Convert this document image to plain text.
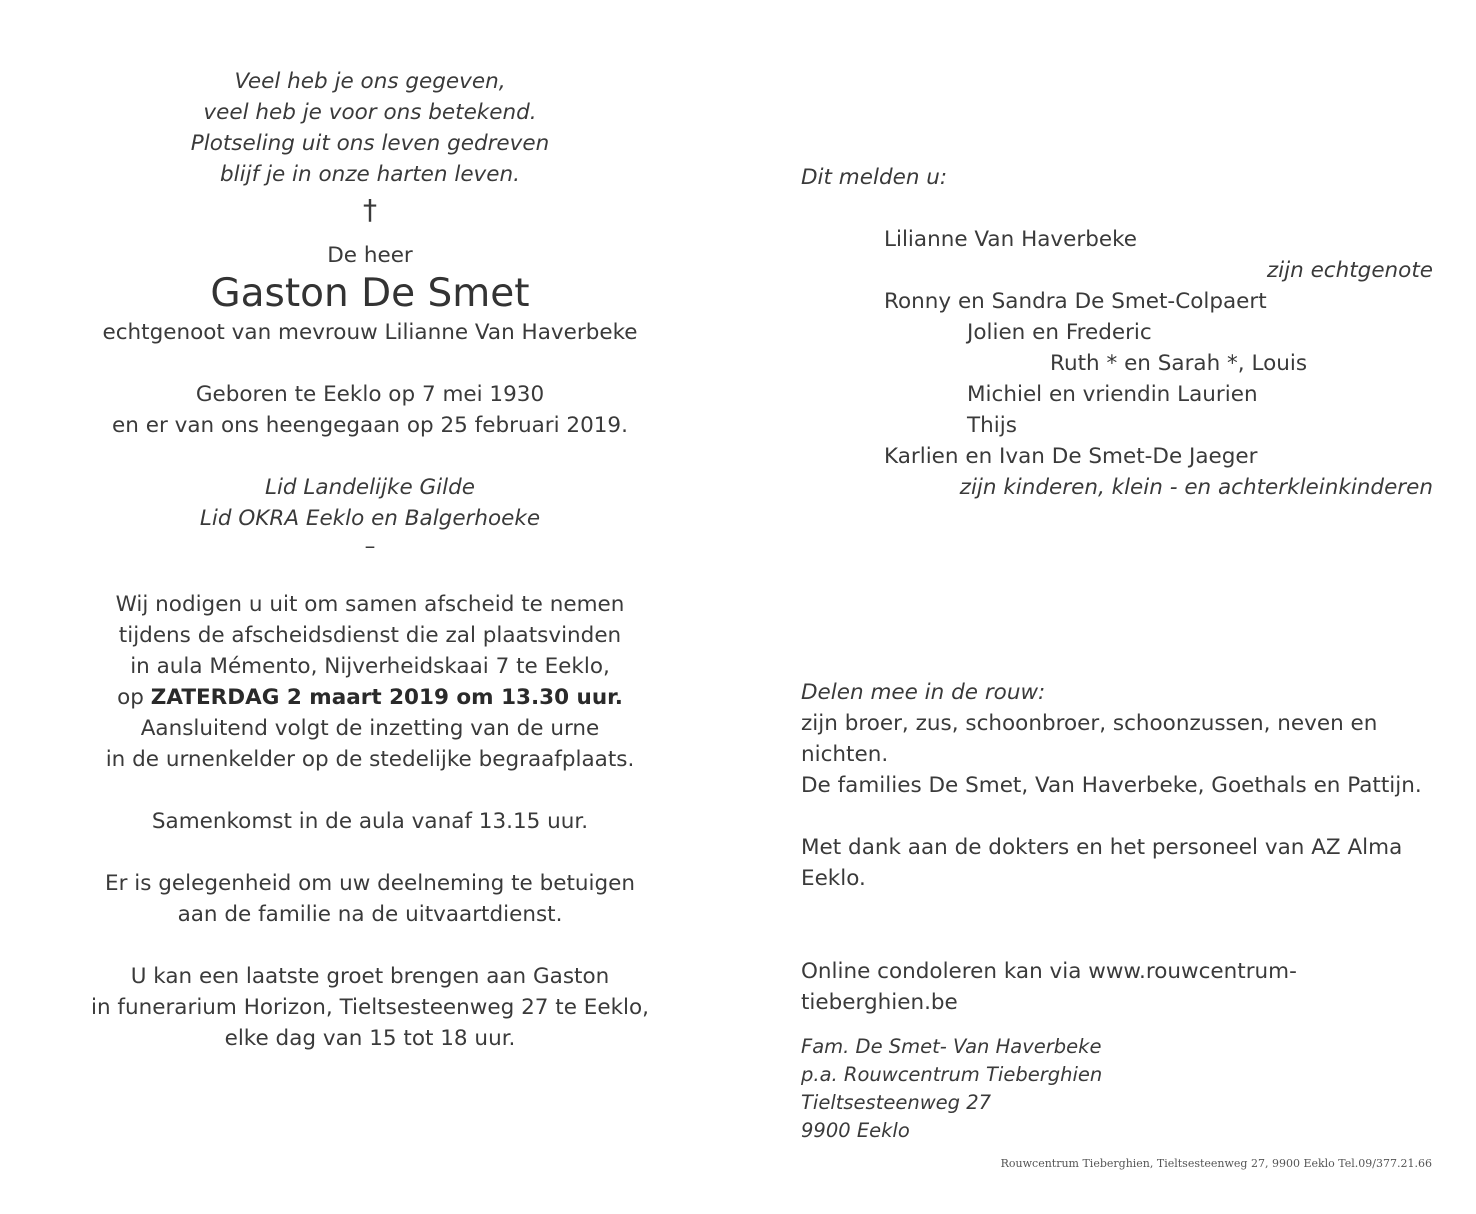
Veel heb je ons gegeven,

veel heb je voor ons betekend.

Plotseling uit ons leven gedreven

blijf je in onze harten leven.

†

De heer

Gaston De Smet

echtgenoot van mevrouw Lilianne Van Haverbeke

Geboren te Eeklo op 7 mei 1930

en er van ons heengegaan op 25 februari 2019.

Lid Landelijke Gilde

Lid OKRA Eeklo en Balgerhoeke

–

Wij nodigen u uit om samen afscheid te nemen

tijdens de afscheidsdienst die zal plaatsvinden

in aula Mémento, Nijverheidskaai 7 te Eeklo,

op ZATERDAG 2 maart 2019 om 13.30 uur.

Aansluitend volgt de inzetting van de urne

in de urnenkelder op de stedelijke begraafplaats.

Samenkomst in de aula vanaf 13.15 uur.

Er is gelegenheid om uw deelneming te betuigen

aan de familie na de uitvaartdienst.

U kan een laatste groet brengen aan Gaston

in funerarium Horizon, Tieltsesteenweg 27 te Eeklo,

elke dag van 15 tot 18 uur.

Dit melden u:

Lilianne Van Haverbeke

zijn echtgenote

Ronny en Sandra De Smet-Colpaert

Jolien en Frederic

Ruth * en Sarah *, Louis

Michiel en vriendin Laurien

Thijs

Karlien en Ivan De Smet-De Jaeger

zijn kinderen, klein - en achterkleinkinderen

Delen mee in de rouw:

zijn broer, zus, schoonbroer, schoonzussen, neven en nichten.

De families De Smet, Van Haverbeke, Goethals en Pattijn.

Met dank aan de dokters en het personeel van AZ Alma Eeklo.

Online condoleren kan via www.rouwcentrum-tieberghien.be

Fam. De Smet- Van Haverbeke

p.a. Rouwcentrum Tieberghien

Tieltsesteenweg 27

9900 Eeklo

Rouwcentrum Tieberghien, Tieltsesteenweg 27, 9900 Eeklo Tel.09/377.21.66
